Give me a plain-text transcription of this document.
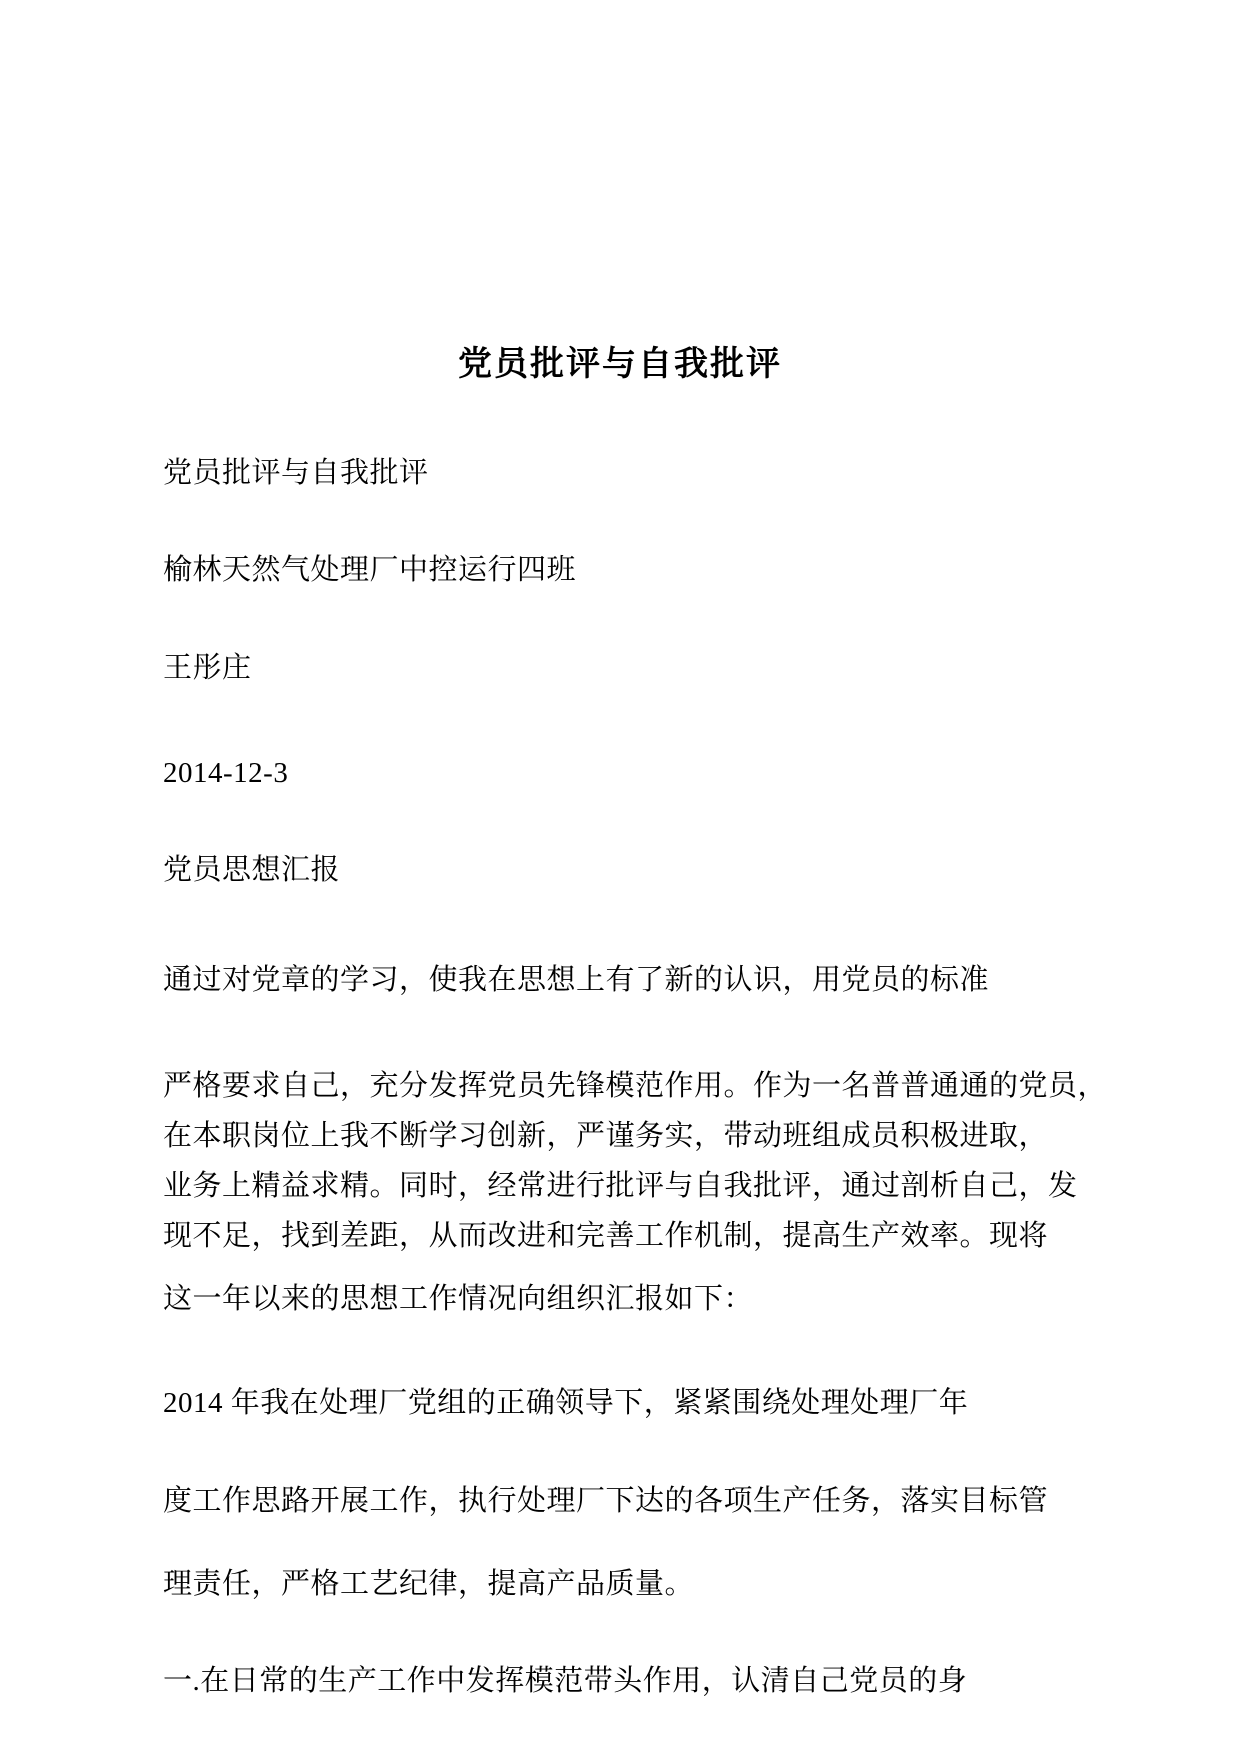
党员批评与自我批评
党员批评与自我批评
榆林天然气处理厂中控运行四班
王彤庄
2014-12-3
党员思想汇报
通过对党章的学习，使我在思想上有了新的认识，用党员的标准
严格要求自己，充分发挥党员先锋模范作用。作为一名普普通通的党员，
在本职岗位上我不断学习创新，严谨务实，带动班组成员积极进取，
业务上精益求精。同时，经常进行批评与自我批评，通过剖析自己，发
现不足，找到差距，从而改进和完善工作机制，提高生产效率。现将
这一年以来的思想工作情况向组织汇报如下：
2014 年我在处理厂党组的正确领导下，紧紧围绕处理处理厂年
度工作思路开展工作，执行处理厂下达的各项生产任务，落实目标管
理责任，严格工艺纪律，提高产品质量。
一.在日常的生产工作中发挥模范带头作用，认清自己党员的身
